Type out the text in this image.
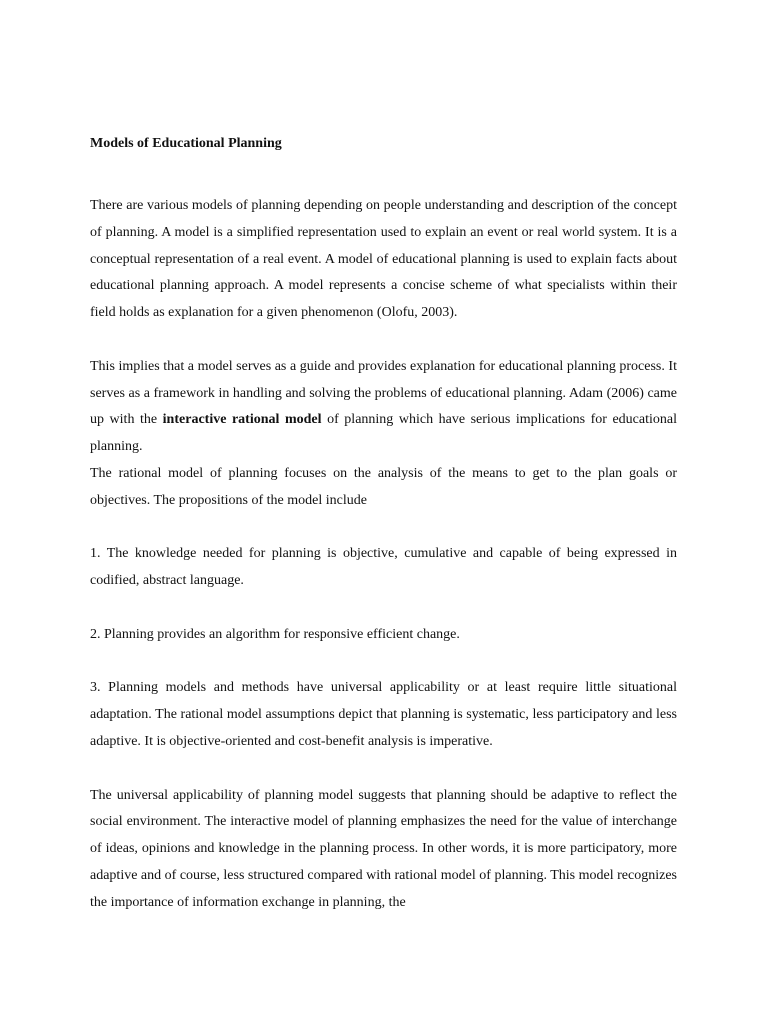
Models of Educational Planning

There are various models of planning depending on people understanding and description of the concept of planning. A model is a simplified representation used to explain an event or real world system. It is a conceptual representation of a real event. A model of educational planning is used to explain facts about educational planning approach. A model represents a concise scheme of what specialists within their field holds as explanation for a given phenomenon (Olofu, 2003).

This implies that a model serves as a guide and provides explanation for educational planning process. It serves as a framework in handling and solving the problems of educational planning. Adam (2006) came up with the interactive rational model of planning which have serious implications for educational planning.

The rational model of planning focuses on the analysis of the means to get to the plan goals or objectives. The propositions of the model include

1. The knowledge needed for planning is objective, cumulative and capable of being expressed in codified, abstract language.

2. Planning provides an algorithm for responsive efficient change.

3. Planning models and methods have universal applicability or at least require little situational adaptation. The rational model assumptions depict that planning is systematic, less participatory and less adaptive. It is objective-oriented and cost-benefit analysis is imperative.

The universal applicability of planning model suggests that planning should be adaptive to reflect the social environment. The interactive model of planning emphasizes the need for the value of interchange of ideas, opinions and knowledge in the planning process. In other words, it is more participatory, more adaptive and of course, less structured compared with rational model of planning. This model recognizes the importance of information exchange in planning, the
